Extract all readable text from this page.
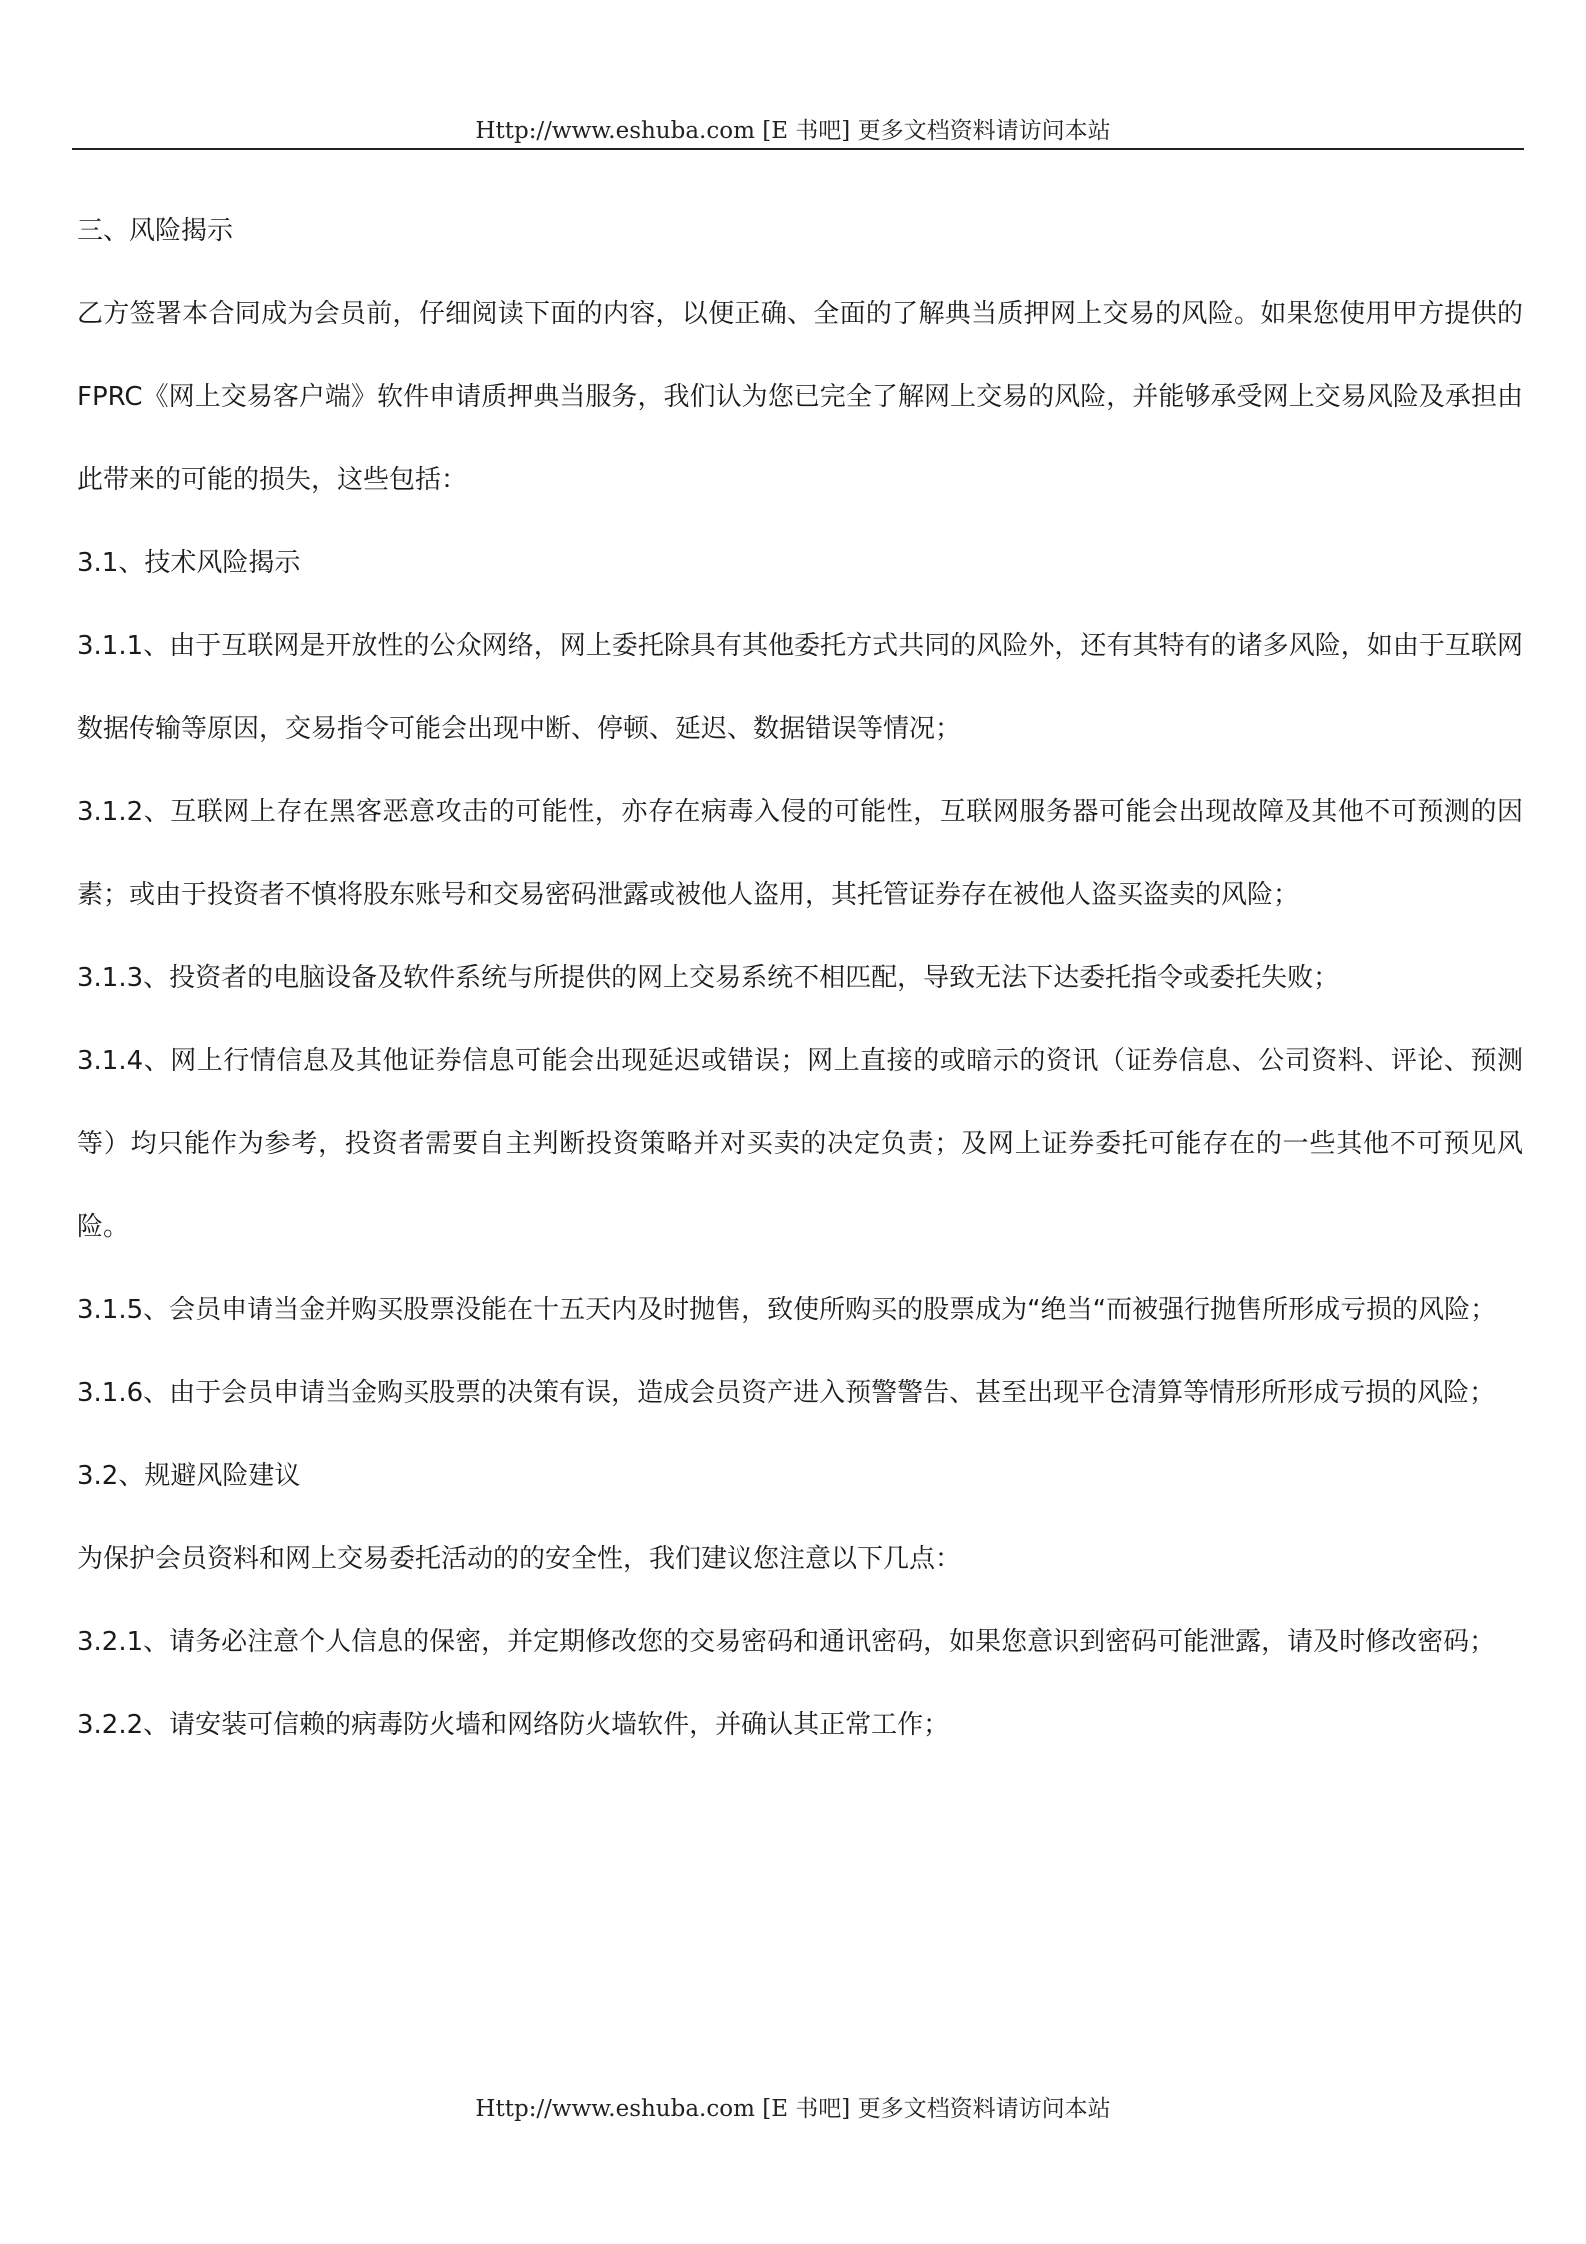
Http://www.eshuba.com [E 书吧] 更多文档资料请访问本站

三、风险揭示

乙方签署本合同成为会员前，仔细阅读下面的内容，以便正确、全面的了解典当质押网上交易的风险。如果您使用甲方提供的 FPRC《网上交易客户端》软件申请质押典当服务，我们认为您已完全了解网上交易的风险，并能够承受网上交易风险及承担由此带来的可能的损失，这些包括：

3.1、技术风险揭示

3.1.1、由于互联网是开放性的公众网络，网上委托除具有其他委托方式共同的风险外，还有其特有的诸多风险，如由于互联网数据传输等原因，交易指令可能会出现中断、停顿、延迟、数据错误等情况；

3.1.2、互联网上存在黑客恶意攻击的可能性，亦存在病毒入侵的可能性，互联网服务器可能会出现故障及其他不可预测的因素；或由于投资者不慎将股东账号和交易密码泄露或被他人盗用，其托管证券存在被他人盗买盗卖的风险；

3.1.3、投资者的电脑设备及软件系统与所提供的网上交易系统不相匹配，导致无法下达委托指令或委托失败；

3.1.4、网上行情信息及其他证券信息可能会出现延迟或错误；网上直接的或暗示的资讯（证券信息、公司资料、评论、预测等）均只能作为参考，投资者需要自主判断投资策略并对买卖的决定负责；及网上证券委托可能存在的一些其他不可预见风险。

3.1.5、会员申请当金并购买股票没能在十五天内及时抛售，致使所购买的股票成为“绝当“而被强行抛售所形成亏损的风险；

3.1.6、由于会员申请当金购买股票的决策有误，造成会员资产进入预警警告、甚至出现平仓清算等情形所形成亏损的风险；

3.2、规避风险建议

为保护会员资料和网上交易委托活动的的安全性，我们建议您注意以下几点：

3.2.1、请务必注意个人信息的保密，并定期修改您的交易密码和通讯密码，如果您意识到密码可能泄露，请及时修改密码；

3.2.2、请安装可信赖的病毒防火墙和网络防火墙软件，并确认其正常工作；

Http://www.eshuba.com [E 书吧] 更多文档资料请访问本站
